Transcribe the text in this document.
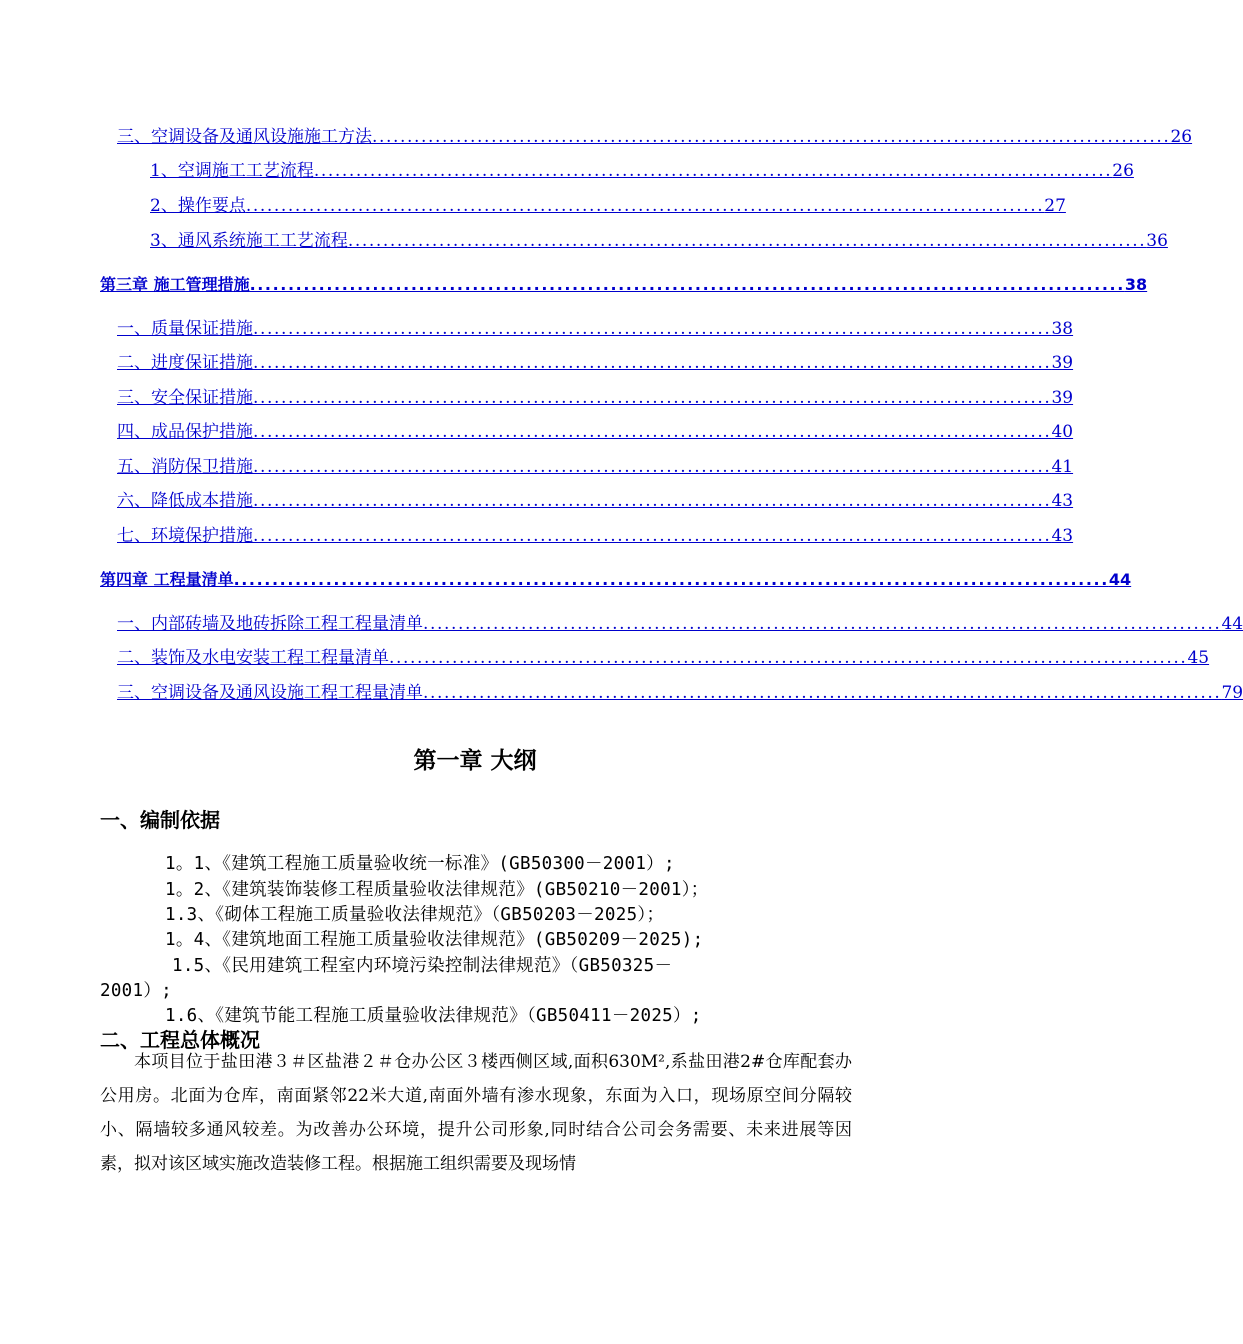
三、空调设备及通风设施施工方法 .................................................................................................................. 26
1、空调施工工艺流程 .................................................................................................................. 26
2、操作要点 .................................................................................................................. 27
3、通风系统施工工艺流程 .................................................................................................................. 36
第三章 施工管理措施 .................................................................................................................. 38
一、质量保证措施 .................................................................................................................. 38
二、进度保证措施 .................................................................................................................. 39
三、安全保证措施 .................................................................................................................. 39
四、成品保护措施 .................................................................................................................. 40
五、消防保卫措施 .................................................................................................................. 41
六、降低成本措施 .................................................................................................................. 43
七、环境保护措施 .................................................................................................................. 43
第四章 工程量清单 .................................................................................................................. 44
一、内部砖墙及地砖拆除工程工程量清单 .................................................................................................................. 44
二、装饰及水电安装工程工程量清单 .................................................................................................................. 45
三、空调设备及通风设施工程工程量清单 .................................................................................................................. 79
第一章 大纲
一、编制依据
1。1、《建筑工程施工质量验收统一标准》(GB50300－2001）;
1。2、《建筑装饰装修工程质量验收法律规范》(GB50210－2001）；
1.3、《砌体工程施工质量验收法律规范》（GB50203－2025）；
1。4、《建筑地面工程施工质量验收法律规范》(GB50209－2025);
1.5、《民用建筑工程室内环境污染控制法律规范》（GB50325－
2001）;
1.6、《建筑节能工程施工质量验收法律规范》（GB50411－2025）;
二、工程总体概况
本项目位于盐田港３＃区盐港２＃仓办公区３楼西侧区域,面积630M²,系盐田港2#仓库配套办公用房。北面为仓库，南面紧邻22米大道,南面外墙有渗水现象，东面为入口，现场原空间分隔较小、隔墙较多通风较差。为改善办公环境，提升公司形象,同时结合公司会务需要、未来进展等因素，拟对该区域实施改造装修工程。根据施工组织需要及现场情
